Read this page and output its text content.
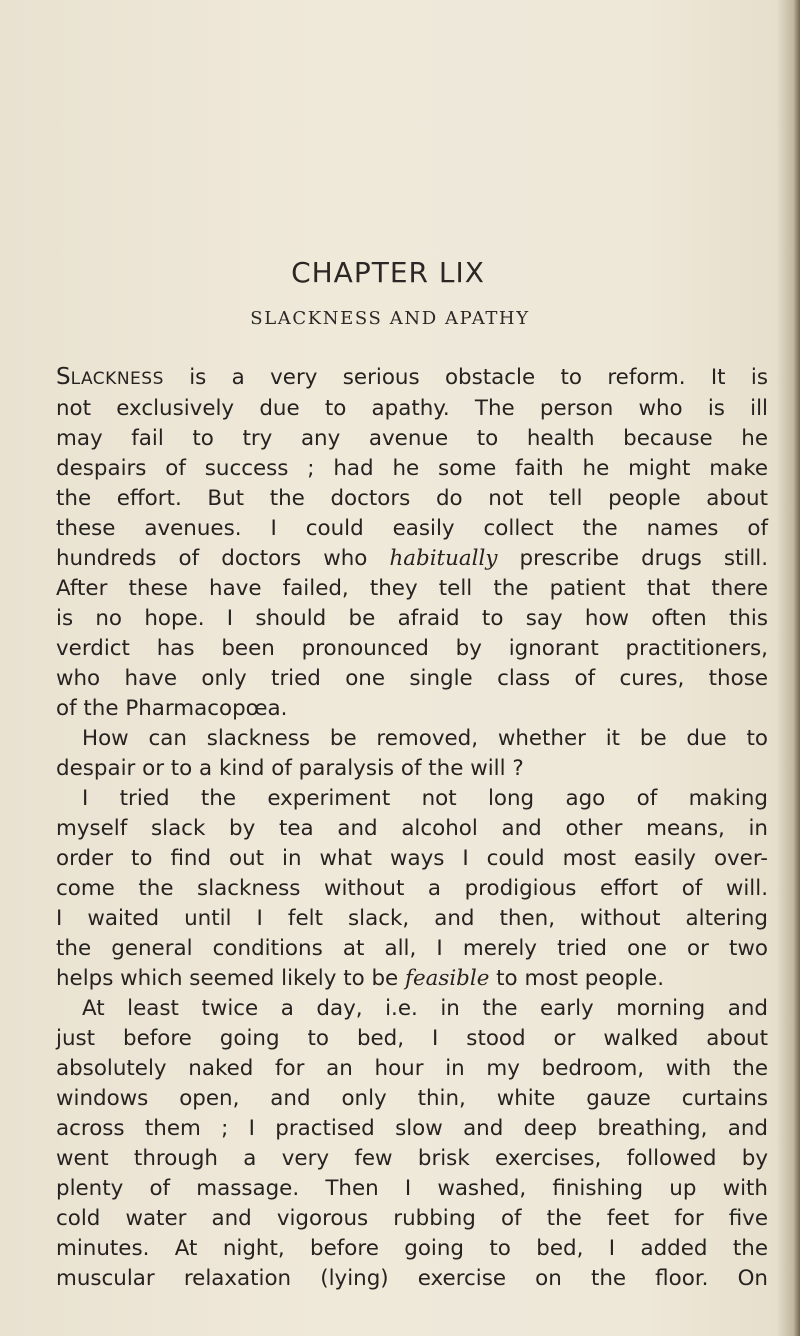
CHAPTER LIX
SLACKNESS AND APATHY

SLACKNESS is a very serious obstacle to reform. It is
not exclusively due to apathy. The person who is ill
may fail to try any avenue to health because he
despairs of success ; had he some faith he might make
the effort. But the doctors do not tell people about
these avenues. I could easily collect the names of
hundreds of doctors who habitually prescribe drugs still.
After these have failed, they tell the patient that there
is no hope. I should be afraid to say how often this
verdict has been pronounced by ignorant practitioners,
who have only tried one single class of cures, those
of the Pharmacopœa.

How can slackness be removed, whether it be due to
despair or to a kind of paralysis of the will ?

I tried the experiment not long ago of making
myself slack by tea and alcohol and other means, in
order to find out in what ways I could most easily over-
come the slackness without a prodigious effort of will.
I waited until I felt slack, and then, without altering
the general conditions at all, I merely tried one or two
helps which seemed likely to be feasible to most people.

At least twice a day, i.e. in the early morning and
just before going to bed, I stood or walked about
absolutely naked for an hour in my bedroom, with the
windows open, and only thin, white gauze curtains
across them ; I practised slow and deep breathing, and
went through a very few brisk exercises, followed by
plenty of massage. Then I washed, finishing up with
cold water and vigorous rubbing of the feet for five
minutes. At night, before going to bed, I added the
muscular relaxation (lying) exercise on the floor. On
